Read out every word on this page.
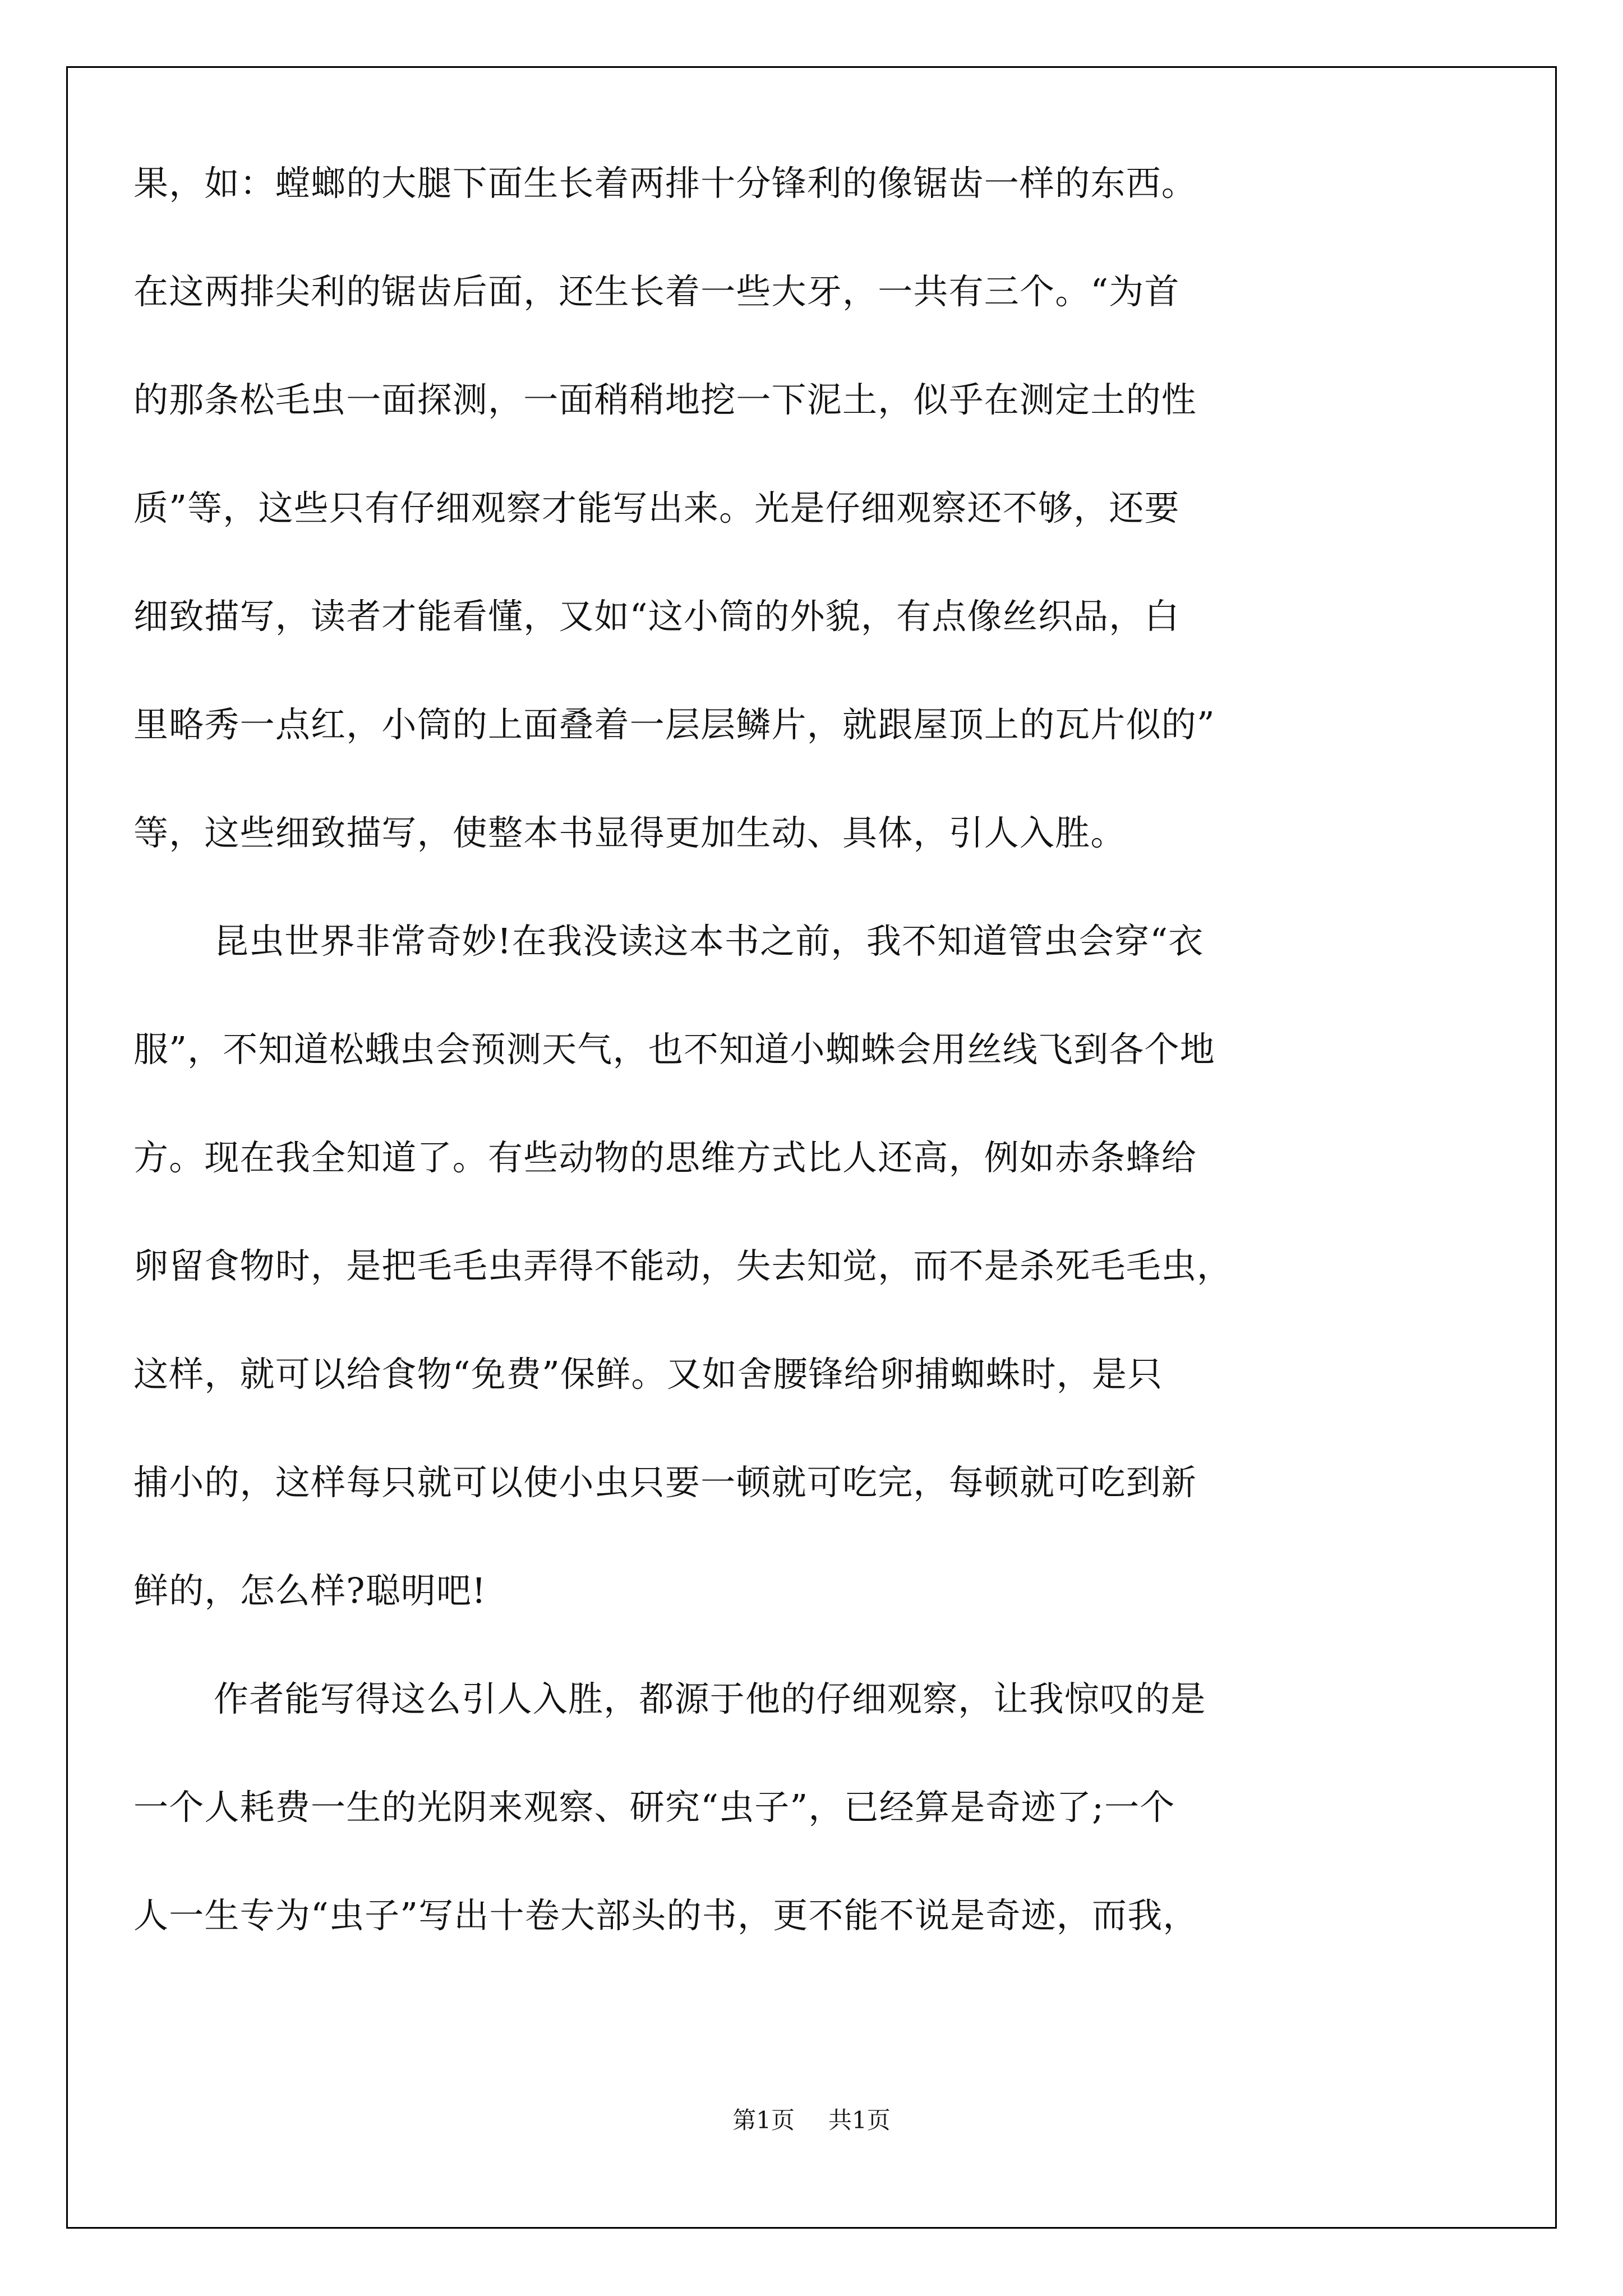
果，如：螳螂的大腿下面生长着两排十分锋利的像锯齿一样的东西。
在这两排尖利的锯齿后面，还生长着一些大牙，一共有三个。“为首
的那条松毛虫一面探测，一面稍稍地挖一下泥土，似乎在测定土的性
质”等，这些只有仔细观察才能写出来。光是仔细观察还不够，还要
细致描写，读者才能看懂，又如“这小筒的外貌，有点像丝织品，白
里略秀一点红，小筒的上面叠着一层层鳞片，就跟屋顶上的瓦片似的”
等，这些细致描写，使整本书显得更加生动、具体，引人入胜。
昆虫世界非常奇妙!在我没读这本书之前，我不知道管虫会穿“衣
服”，不知道松蛾虫会预测天气，也不知道小蜘蛛会用丝线飞到各个地
方。现在我全知道了。有些动物的思维方式比人还高，例如赤条蜂给
卵留食物时，是把毛毛虫弄得不能动，失去知觉，而不是杀死毛毛虫，
这样，就可以给食物“免费”保鲜。又如舍腰锋给卵捕蜘蛛时，是只
捕小的，这样每只就可以使小虫只要一顿就可吃完，每顿就可吃到新
鲜的，怎么样?聪明吧!
作者能写得这么引人入胜，都源于他的仔细观察，让我惊叹的是
一个人耗费一生的光阴来观察、研究“虫子”，已经算是奇迹了;一个
人一生专为“虫子”写出十卷大部头的书，更不能不说是奇迹，而我，
第1页 共1页
